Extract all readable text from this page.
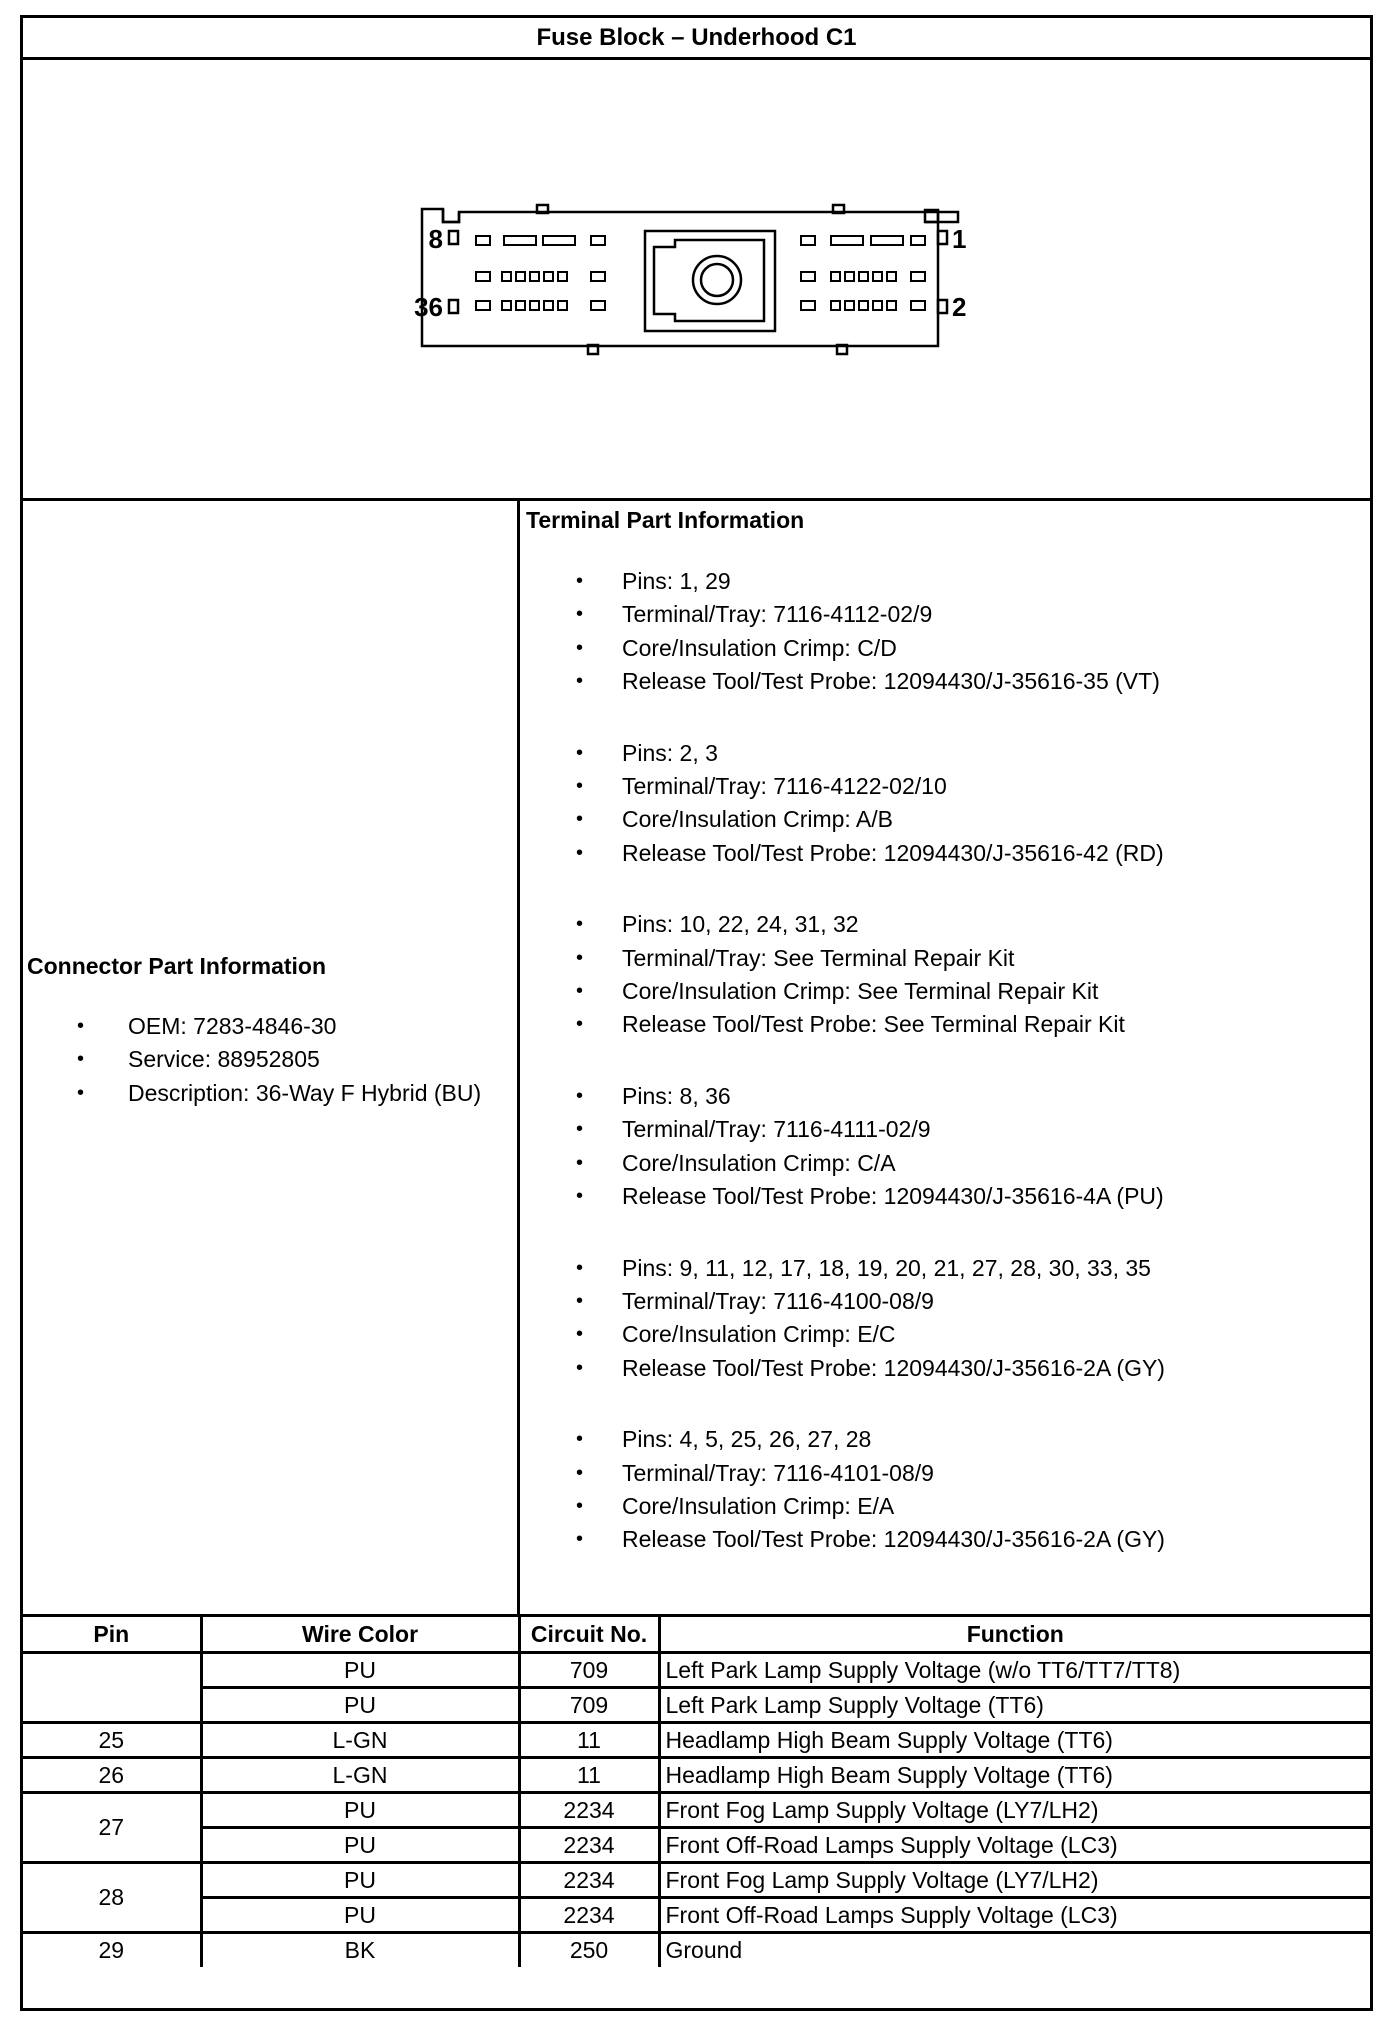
Fuse Block – Underhood C1
8
36
1
2
Connector Part Information
• OEM: 7283-4846-30
• Service: 88952805
• Description: 36-Way F Hybrid (BU)
Terminal Part Information
• Pins: 1, 29
• Terminal/Tray: 7116-4112-02/9
• Core/Insulation Crimp: C/D
• Release Tool/Test Probe: 12094430/J-35616-35 (VT)
• Pins: 2, 3
• Terminal/Tray: 7116-4122-02/10
• Core/Insulation Crimp: A/B
• Release Tool/Test Probe: 12094430/J-35616-42 (RD)
• Pins: 10, 22, 24, 31, 32
• Terminal/Tray: See Terminal Repair Kit
• Core/Insulation Crimp: See Terminal Repair Kit
• Release Tool/Test Probe: See Terminal Repair Kit
• Pins: 8, 36
• Terminal/Tray: 7116-4111-02/9
• Core/Insulation Crimp: C/A
• Release Tool/Test Probe: 12094430/J-35616-4A (PU)
• Pins: 9, 11, 12, 17, 18, 19, 20, 21, 27, 28, 30, 33, 35
• Terminal/Tray: 7116-4100-08/9
• Core/Insulation Crimp: E/C
• Release Tool/Test Probe: 12094430/J-35616-2A (GY)
• Pins: 4, 5, 25, 26, 27, 28
• Terminal/Tray: 7116-4101-08/9
• Core/Insulation Crimp: E/A
• Release Tool/Test Probe: 12094430/J-35616-2A (GY)
Pin	Wire Color	Circuit No.	Function
	PU	709	Left Park Lamp Supply Voltage (w/o TT6/TT7/TT8)
	PU	709	Left Park Lamp Supply Voltage (TT6)
25	L-GN	11	Headlamp High Beam Supply Voltage (TT6)
26	L-GN	11	Headlamp High Beam Supply Voltage (TT6)
27	PU	2234	Front Fog Lamp Supply Voltage (LY7/LH2)
	PU	2234	Front Off-Road Lamps Supply Voltage (LC3)
28	PU	2234	Front Fog Lamp Supply Voltage (LY7/LH2)
	PU	2234	Front Off-Road Lamps Supply Voltage (LC3)
29	BK	250	Ground
